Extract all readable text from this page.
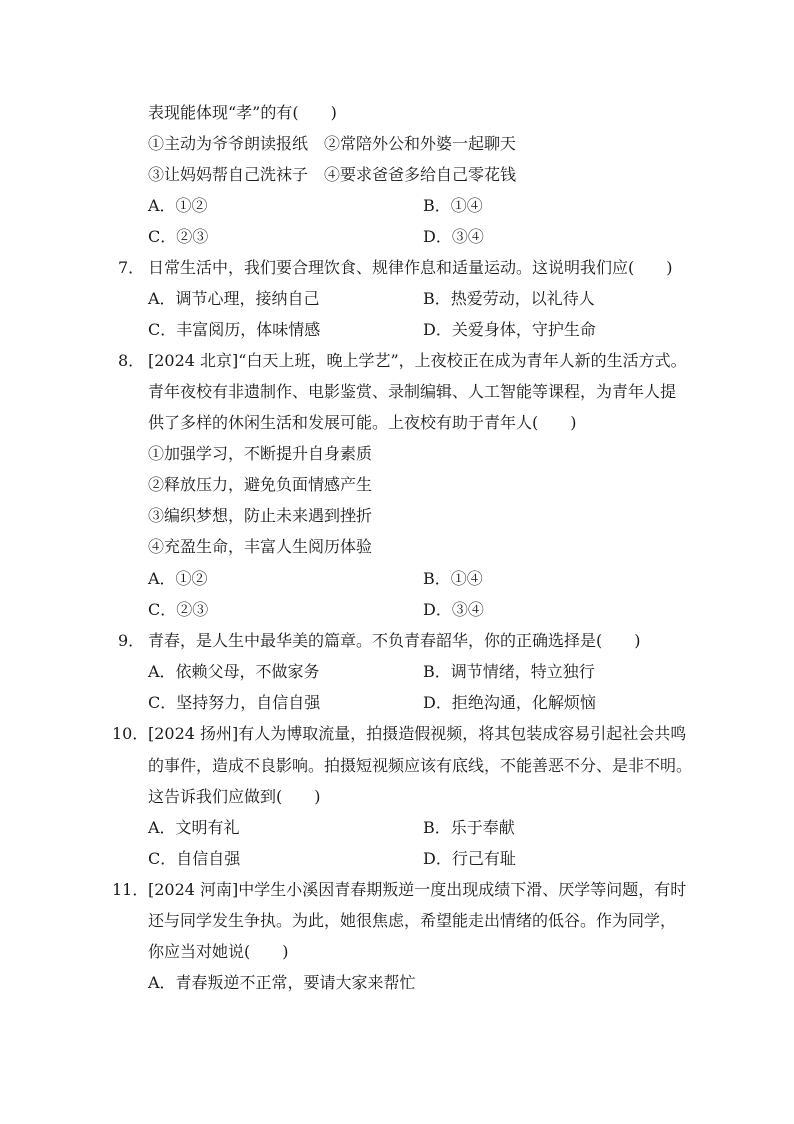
表现能体现“孝”的有(　　)
①主动为爷爷朗读报纸　②常陪外公和外婆一起聊天
③让妈妈帮自己洗袜子　④要求爸爸多给自己零花钱
A．①②	B．①④
C．②③	D．③④
7． 日常生活中，我们要合理饮食、规律作息和适量运动。这说明我们应(　　)
A．调节心理，接纳自己	B．热爱劳动，以礼待人
C．丰富阅历，体味情感	D．关爱身体，守护生命
8． [2024 北京]“白天上班，晚上学艺”，上夜校正在成为青年人新的生活方式。
青年夜校有非遗制作、电影鉴赏、录制编辑、人工智能等课程，为青年人提
供了多样的休闲生活和发展可能。上夜校有助于青年人(　　)
①加强学习，不断提升自身素质
②释放压力，避免负面情感产生
③编织梦想，防止未来遇到挫折
④充盈生命，丰富人生阅历体验
A．①②	B．①④
C．②③	D．③④
9． 青春，是人生中最华美的篇章。不负青春韶华，你的正确选择是(　　)
A．依赖父母，不做家务	B．调节情绪，特立独行
C．坚持努力，自信自强	D．拒绝沟通，化解烦恼
10． [2024 扬州]有人为博取流量，拍摄造假视频，将其包装成容易引起社会共鸣
的事件，造成不良影响。拍摄短视频应该有底线，不能善恶不分、是非不明。
这告诉我们应做到(　　)
A．文明有礼	B．乐于奉献
C．自信自强	D．行己有耻
11． [2024 河南]中学生小溪因青春期叛逆一度出现成绩下滑、厌学等问题，有时
还与同学发生争执。为此，她很焦虑，希望能走出情绪的低谷。作为同学，
你应当对她说(　　)
A．青春叛逆不正常，要请大家来帮忙
